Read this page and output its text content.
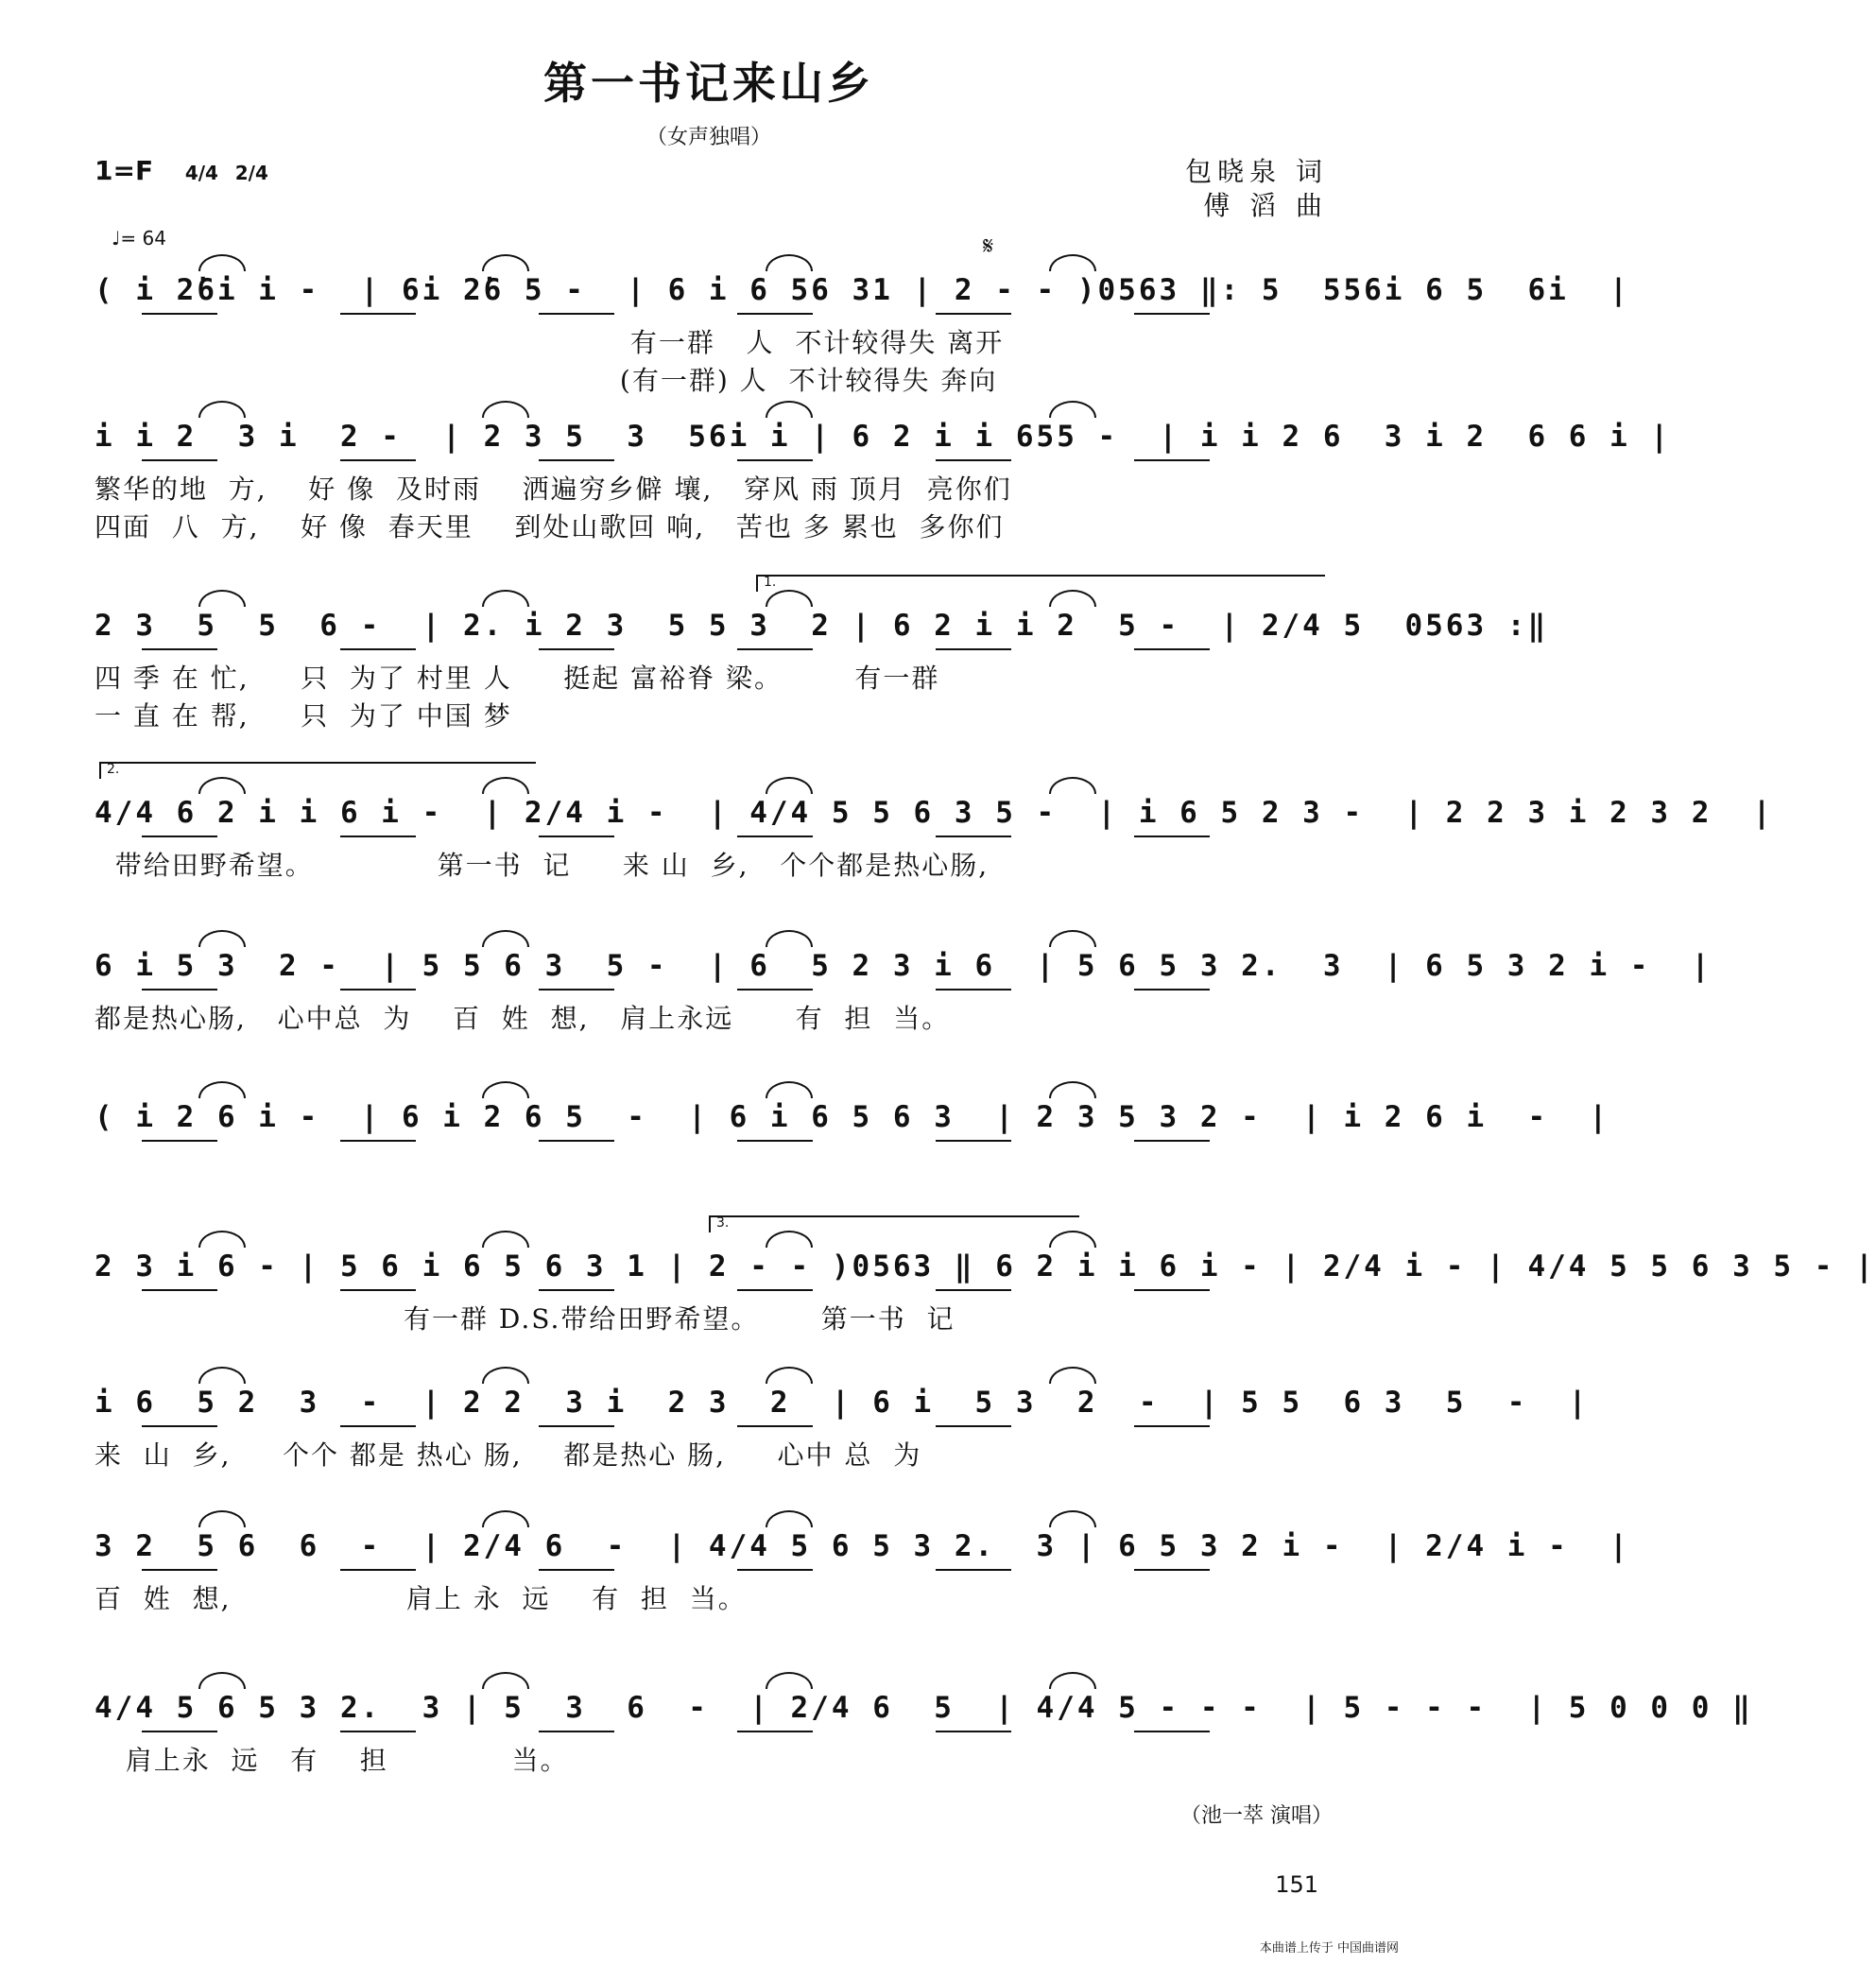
第一书记来山乡
（女声独唱）
1=F 4/4 2/4
♩= 64
包晓泉 词
傅 滔 曲
𝄋
( i 2̇6i i -  | 6i 2̇6 5 -  | 6 i 6 56 31 | 2 - - )0563 ‖: 5  556i 6 5  6i  |
有一群   人  不计较得失 离开
(有一群) 人  不计较得失 奔向
i i 2  3 i  2 -  | 2 3 5  3  56i i | 6 2 i i 655 -  | i i 2 6  3 i 2  6 6 i |
繁华的地  方,    好 像  及时雨    洒遍穷乡僻 壤,   穿风 雨 顶月  亮你们
四面  八  方,    好 像  春天里    到处山歌回 响,   苦也 多 累也  多你们
2 3  5  5  6 -  | 2. i 2 3  5 5 3  2 | 6 2 i i 2  5 -  | 2/4 5  0563 :‖
四 季 在 忙,     只  为了 村里 人     挺起 富裕脊 梁。       有一群
一 直 在 帮,     只  为了 中国 梦
4/4 6 2 i i 6 i -  | 2/4 i -  | 4/4 5 5 6 3 5 -  | i 6 5 2 3 -  | 2 2 3 i 2 3 2  |
带给田野希望。            第一书  记     来 山  乡,   个个都是热心肠,
6 i 5 3  2 -  | 5 5 6 3  5 -  | 6  5 2 3 i 6  | 5 6 5 3 2.  3  | 6 5 3 2 i -  |
都是热心肠,   心中总  为    百  姓  想,   肩上永远      有  担  当。
( i 2 6 i -  | 6 i 2 6 5  -  | 6 i 6 5 6 3  | 2 3 5 3 2 -  | i 2 6 i  -  |
2 3 i 6 - | 5 6 i 6 5 6 3 1 | 2 - - )0563 ‖ 6 2 i i 6 i - | 2/4 i - | 4/4 5 5 6 3 5 - |
有一群 D.S.带给田野希望。      第一书  记
i 6  5 2  3  -  | 2 2  3 i  2 3  2  | 6 i  5 3  2  -  | 5 5  6 3  5  -  |
来  山  乡,     个个 都是 热心 肠,    都是热心 肠,     心中 总  为
3 2  5 6  6  -  | 2/4 6  -  | 4/4 5 6 5 3 2.  3 | 6 5 3 2 i -  | 2/4 i -  |
百  姓  想,                 肩上 永  远    有  担  当。
4/4 5 6 5 3 2.  3 | 5  3  6  -  | 2/4 6  5  | 4/4 5 - - -  | 5 - - -  | 5 0 0 0 ‖
肩上永  远   有    担            当。
（池一萃 演唱）
151
本曲谱上传于 中国曲谱网
1.
2.
3.
